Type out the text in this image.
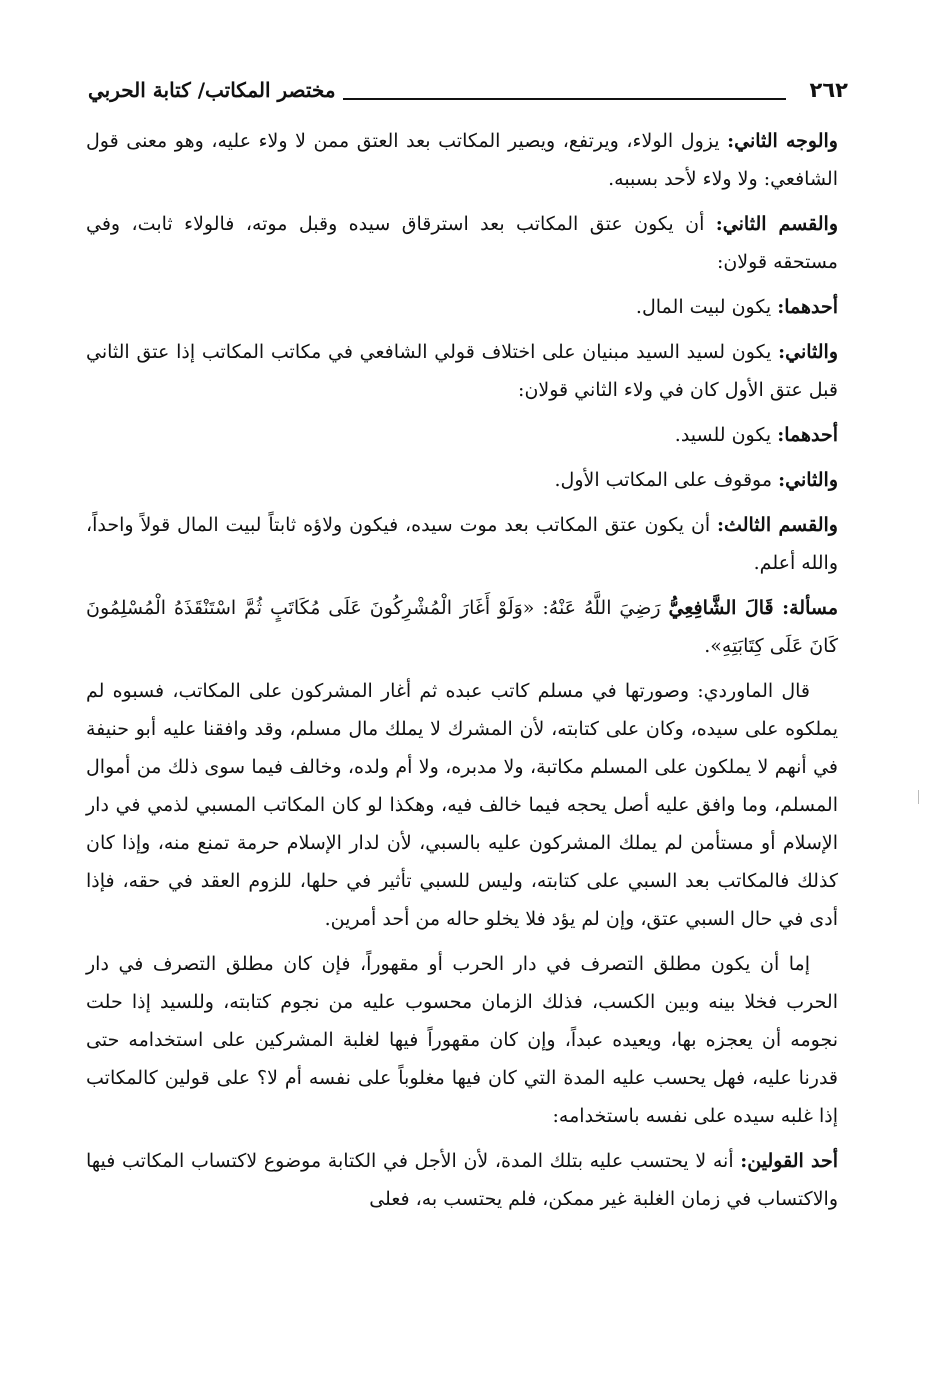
٢٦٢
مختصر المكاتب/ كتابة الحربي

والوجه الثاني: يزول الولاء، ويرتفع، ويصير المكاتب بعد العتق ممن لا ولاء عليه، وهو معنى قول الشافعي: ولا ولاء لأحد بسببه.

والقسم الثاني: أن يكون عتق المكاتب بعد استرقاق سيده وقبل موته، فالولاء ثابت، وفي مستحقه قولان:

أحدهما: يكون لبيت المال.

والثاني: يكون لسيد السيد مبنيان على اختلاف قولي الشافعي في مكاتب المكاتب إذا عتق الثاني قبل عتق الأول كان في ولاء الثاني قولان:

أحدهما: يكون للسيد.

والثاني: موقوف على المكاتب الأول.

والقسم الثالث: أن يكون عتق المكاتب بعد موت سيده، فيكون ولاؤه ثابتاً لبيت المال قولاً واحداً، والله أعلم.

مسألة: قَالَ الشَّافِعِيُّ رَضِيَ اللَّهُ عَنْهُ: «وَلَوْ أَغَارَ الْمُشْرِكُونَ عَلَى مُكَاتَبٍ ثُمَّ اسْتَنْقَذَهُ الْمُسْلِمُونَ كَانَ عَلَى كِتَابَتِهِ».

قال الماوردي: وصورتها في مسلم كاتب عبده ثم أغار المشركون على المكاتب، فسبوه لم يملكوه على سيده، وكان على كتابته، لأن المشرك لا يملك مال مسلم، وقد وافقنا عليه أبو حنيفة في أنهم لا يملكون على المسلم مكاتبة، ولا مدبره، ولا أم ولده، وخالف فيما سوى ذلك من أموال المسلم، وما وافق عليه أصل يحجه فيما خالف فيه، وهكذا لو كان المكاتب المسبي لذمي في دار الإسلام أو مستأمن لم يملك المشركون عليه بالسبي، لأن لدار الإسلام حرمة تمنع منه، وإذا كان كذلك فالمكاتب بعد السبي على كتابته، وليس للسبي تأثير في حلها، للزوم العقد في حقه، فإذا أدى في حال السبي عتق، وإن لم يؤد فلا يخلو حاله من أحد أمرين.

إما أن يكون مطلق التصرف في دار الحرب أو مقهوراً، فإن كان مطلق التصرف في دار الحرب فخلا بينه وبين الكسب، فذلك الزمان محسوب عليه من نجوم كتابته، وللسيد إذا حلت نجومه أن يعجزه بها، ويعيده عبداً، وإن كان مقهوراً فيها لغلبة المشركين على استخدامه حتى قدرنا عليه، فهل يحسب عليه المدة التي كان فيها مغلوباً على نفسه أم لا؟ على قولين كالمكاتب إذا غلبه سيده على نفسه باستخدامه:

أحد القولين: أنه لا يحتسب عليه بتلك المدة، لأن الأجل في الكتابة موضوع لاكتساب المكاتب فيها والاكتساب في زمان الغلبة غير ممكن، فلم يحتسب به، فعلى
